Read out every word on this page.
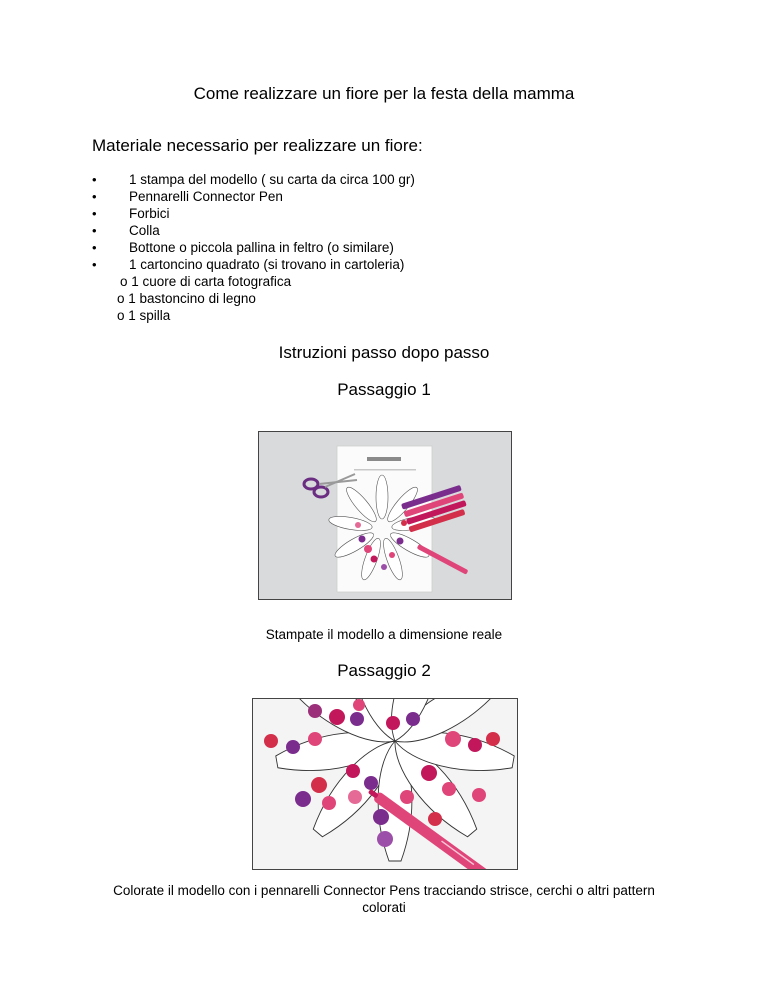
Come realizzare un fiore per la festa della mamma
Materiale necessario per realizzare un fiore:
• 1 stampa del modello ( su carta da circa 100 gr)
• Pennarelli Connector Pen
• Forbici
• Colla
• Bottone o piccola pallina in feltro (o similare)
• 1 cartoncino quadrato (si trovano in cartoleria)
o 1 cuore di carta fotografica
o 1 bastoncino di legno
o 1 spilla
Istruzioni passo dopo passo
Passaggio 1
Stampate il modello a dimensione reale
Passaggio 2
Colorate il modello con i pennarelli Connector Pens tracciando strisce, cerchi o altri pattern colorati
